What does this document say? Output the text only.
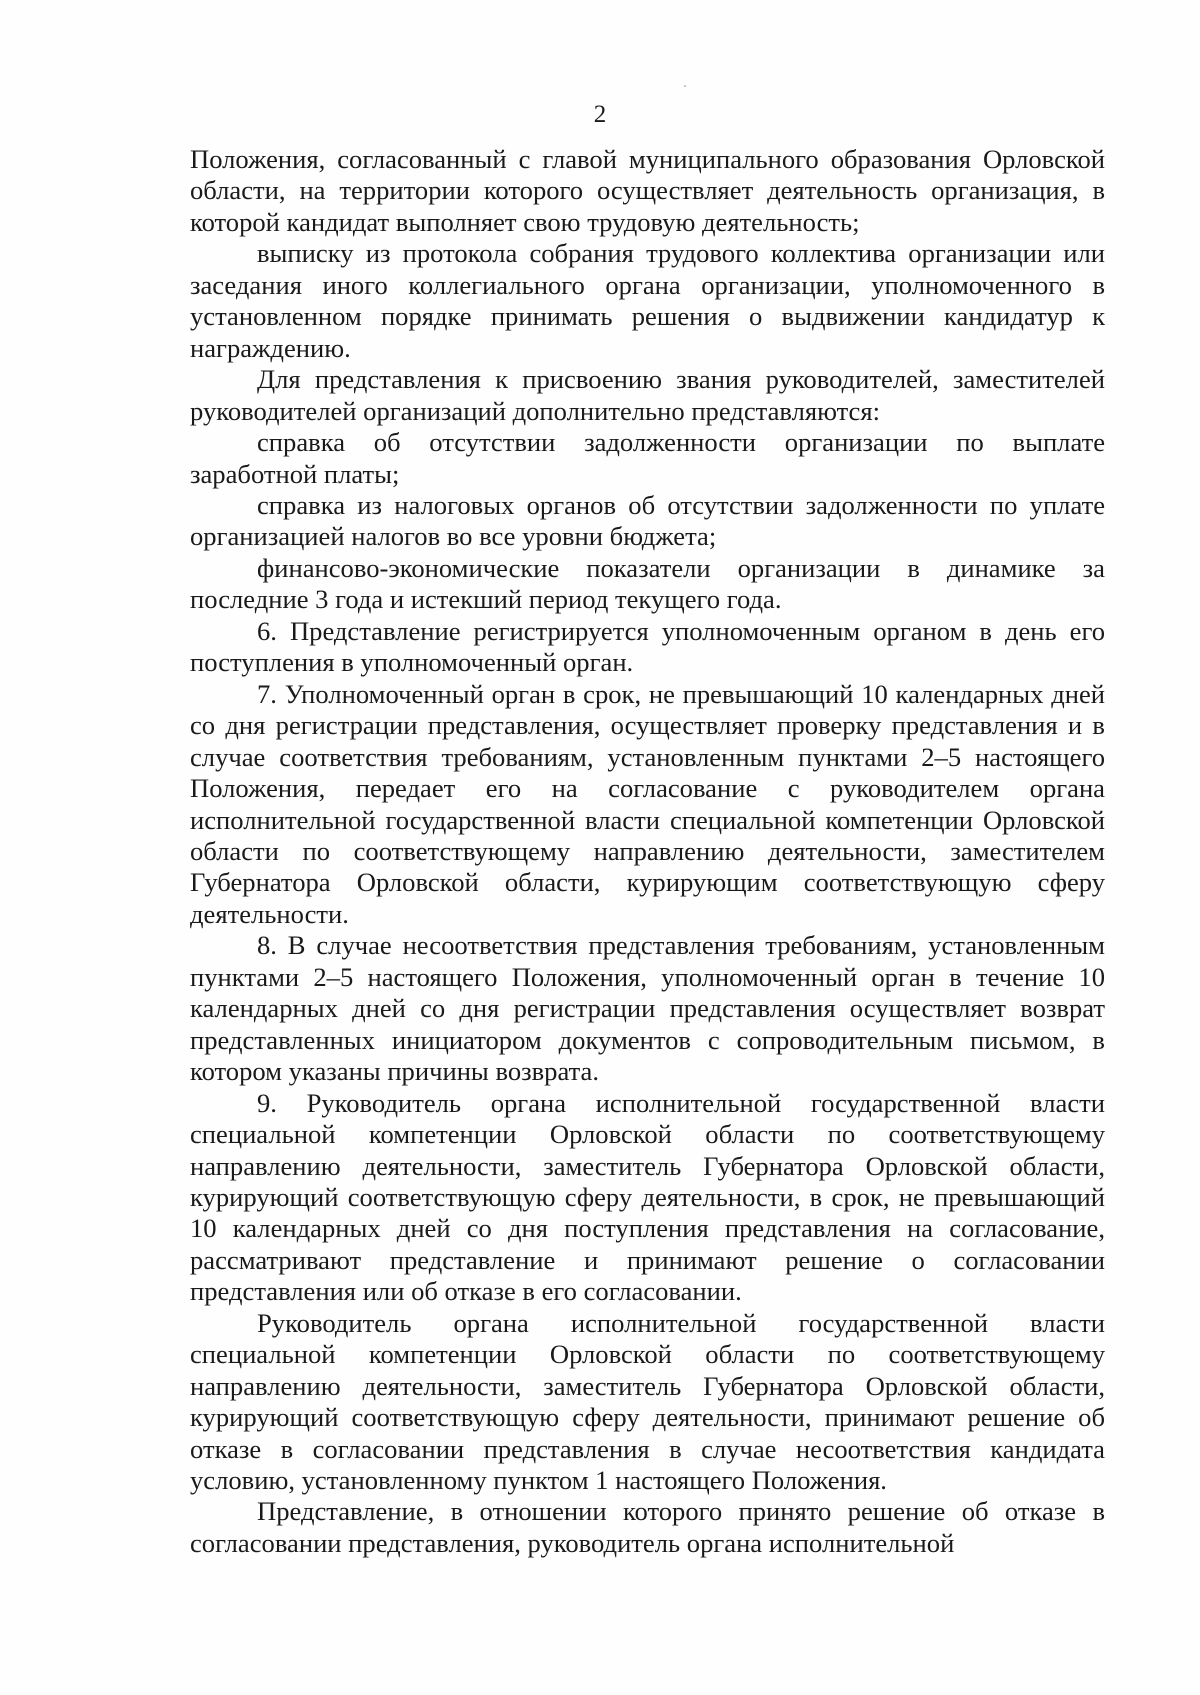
2

Положения, согласованный с главой муниципального образования Орловской области, на территории которого осуществляет деятельность организация, в которой кандидат выполняет свою трудовую деятельность;

выписку из протокола собрания трудового коллектива организации или заседания иного коллегиального органа организации, уполномоченного в установленном порядке принимать решения о выдвижении кандидатур к награждению.

Для представления к присвоению звания руководителей, заместителей руководителей организаций дополнительно представляются:

справка об отсутствии задолженности организации по выплате заработной платы;

справка из налоговых органов об отсутствии задолженности по уплате организацией налогов во все уровни бюджета;

финансово-экономические показатели организации в динамике за последние 3 года и истекший период текущего года.

6. Представление регистрируется уполномоченным органом в день его поступления в уполномоченный орган.

7. Уполномоченный орган в срок, не превышающий 10 календарных дней со дня регистрации представления, осуществляет проверку представления и в случае соответствия требованиям, установленным пунктами 2–5 настоящего Положения, передает его на согласование с руководителем органа исполнительной государственной власти специальной компетенции Орловской области по соответствующему направлению деятельности, заместителем Губернатора Орловской области, курирующим соответствующую сферу деятельности.

8. В случае несоответствия представления требованиям, установленным пунктами 2–5 настоящего Положения, уполномоченный орган в течение 10 календарных дней со дня регистрации представления осуществляет возврат представленных инициатором документов с сопроводительным письмом, в котором указаны причины возврата.

9. Руководитель органа исполнительной государственной власти специальной компетенции Орловской области по соответствующему направлению деятельности, заместитель Губернатора Орловской области, курирующий соответствующую сферу деятельности, в срок, не превышающий 10 календарных дней со дня поступления представления на согласование, рассматривают представление и принимают решение о согласовании представления или об отказе в его согласовании.

Руководитель органа исполнительной государственной власти специальной компетенции Орловской области по соответствующему направлению деятельности, заместитель Губернатора Орловской области, курирующий соответствующую сферу деятельности, принимают решение об отказе в согласовании представления в случае несоответствия кандидата условию, установленному пунктом 1 настоящего Положения.

Представление, в отношении которого принято решение об отказе в согласовании представления, руководитель органа исполнительной
